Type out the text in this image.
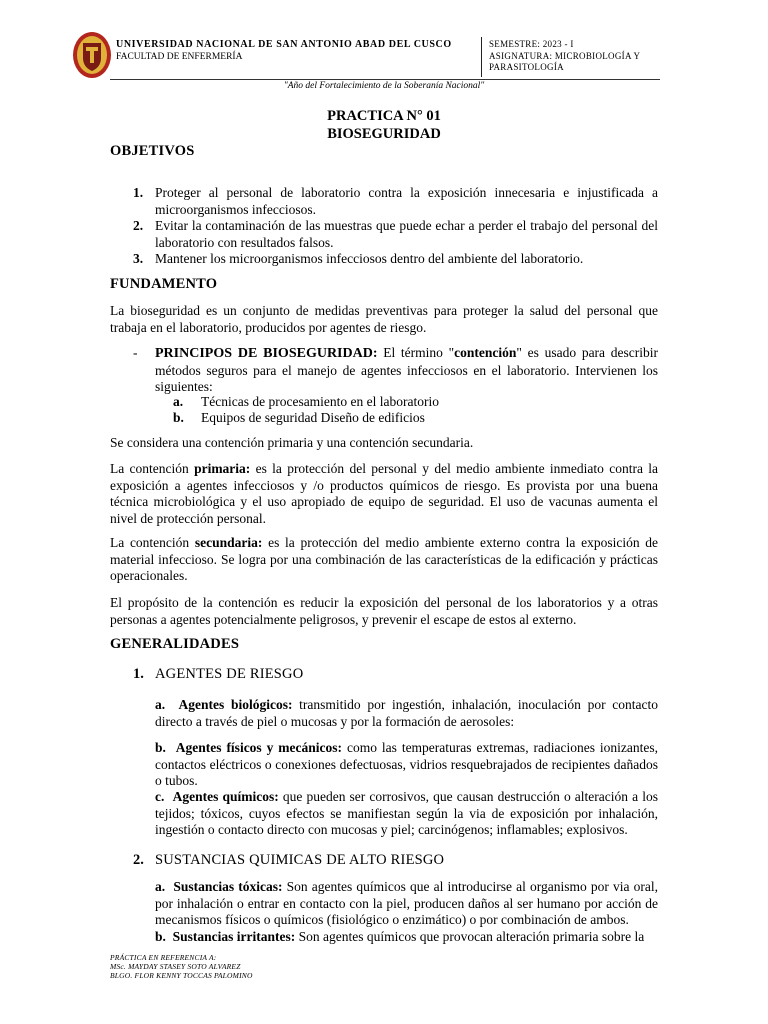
UNIVERSIDAD NACIONAL DE SAN ANTONIO ABAD DEL CUSCO
FACULTAD DE ENFERMERÍA
SEMESTRE: 2023 - I
ASIGNATURA: MICROBIOLOGÍA Y
PARASITOLOGÍA
"Año del Fortalecimiento de la Soberanía Nacional"
PRACTICA N° 01
BIOSEGURIDAD
OBJETIVOS
1. Proteger al personal de laboratorio contra la exposición innecesaria e injustificada a microorganismos infecciosos.
2. Evitar la contaminación de las muestras que puede echar a perder el trabajo del personal del laboratorio con resultados falsos.
3. Mantener los microorganismos infecciosos dentro del ambiente del laboratorio.
FUNDAMENTO
La bioseguridad es un conjunto de medidas preventivas para proteger la salud del personal que trabaja en el laboratorio, producidos por agentes de riesgo.
- PRINCIPOS DE BIOSEGURIDAD: El término "contención" es usado para describir métodos seguros para el manejo de agentes infecciosos en el laboratorio. Intervienen los siguientes:
a. Técnicas de procesamiento en el laboratorio
b. Equipos de seguridad Diseño de edificios
Se considera una contención primaria y una contención secundaria.
La contención primaria: es la protección del personal y del medio ambiente inmediato contra la exposición a agentes infecciosos y /o productos químicos de riesgo. Es provista por una buena técnica microbiológica y el uso apropiado de equipo de seguridad. El uso de vacunas aumenta el nivel de protección personal.
La contención secundaria: es la protección del medio ambiente externo contra la exposición de material infeccioso. Se logra por una combinación de las características de la edificación y prácticas operacionales.
El propósito de la contención es reducir la exposición del personal de los laboratorios y a otras personas a agentes potencialmente peligrosos, y prevenir el escape de estos al externo.
GENERALIDADES
1. AGENTES DE RIESGO
a. Agentes biológicos: transmitido por ingestión, inhalación, inoculación por contacto directo a través de piel o mucosas y por la formación de aerosoles:
b. Agentes físicos y mecánicos: como las temperaturas extremas, radiaciones ionizantes, contactos eléctricos o conexiones defectuosas, vidrios resquebrajados de recipientes dañados o tubos.
c. Agentes químicos: que pueden ser corrosivos, que causan destrucción o alteración a los tejidos; tóxicos, cuyos efectos se manifiestan según la via de exposición por inhalación, ingestión o contacto directo con mucosas y piel; carcinógenos; inflamables; explosivos.
2. SUSTANCIAS QUIMICAS DE ALTO RIESGO
a. Sustancias tóxicas: Son agentes químicos que al introducirse al organismo por via oral, por inhalación o entrar en contacto con la piel, producen daños al ser humano por acción de mecanismos físicos o químicos (fisiológico o enzimático) o por combinación de ambos.
b. Sustancias irritantes: Son agentes químicos que provocan alteración primaria sobre la
PRÁCTICA EN REFERENCIA A:
MSc. MAYDAY STASEY SOTO ALVAREZ
BLGO. FLOR KENNY TOCCAS PALOMINO
